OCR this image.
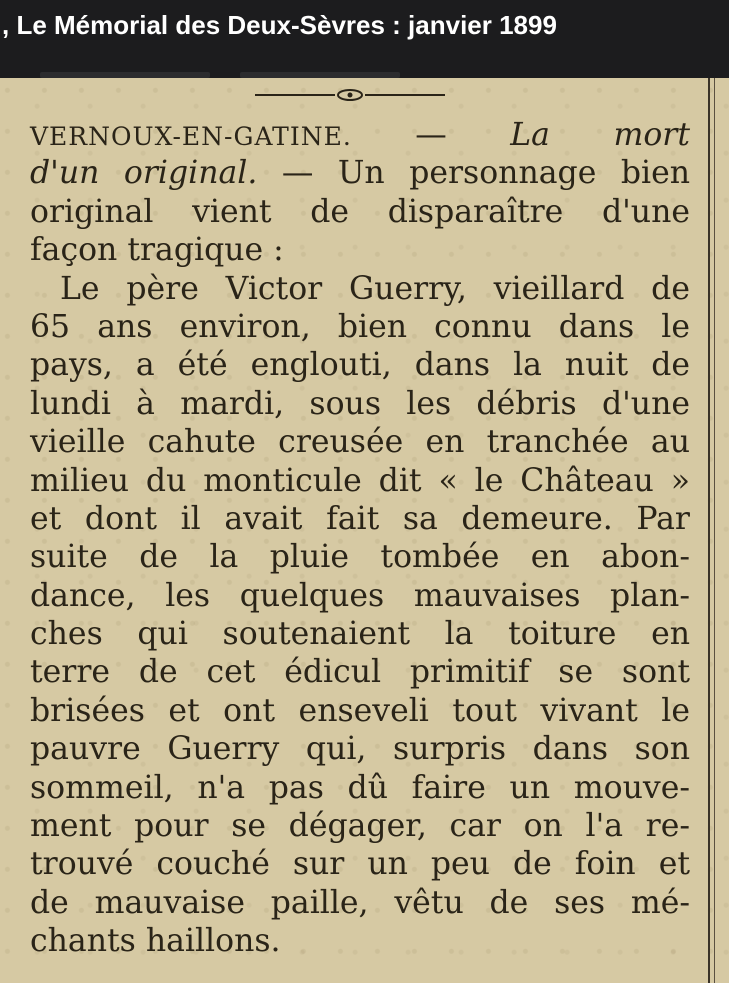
, Le Mémorial des Deux-Sèvres : janvier 1899
VERNOUX-EN-GATINE. — La mort
d'un original. — Un personnage bien
original vient de disparaître d'une
façon tragique :
Le père Victor Guerry, vieillard de
65 ans environ, bien connu dans le
pays, a été englouti, dans la nuit de
lundi à mardi, sous les débris d'une
vieille cahute creusée en tranchée au
milieu du monticule dit « le Château »
et dont il avait fait sa demeure. Par
suite de la pluie tombée en abon-
dance, les quelques mauvaises plan-
ches qui soutenaient la toiture en
terre de cet édicul primitif se sont
brisées et ont enseveli tout vivant le
pauvre Guerry qui, surpris dans son
sommeil, n'a pas dû faire un mouve-
ment pour se dégager, car on l'a re-
trouvé couché sur un peu de foin et
de mauvaise paille, vêtu de ses mé-
chants haillons.
